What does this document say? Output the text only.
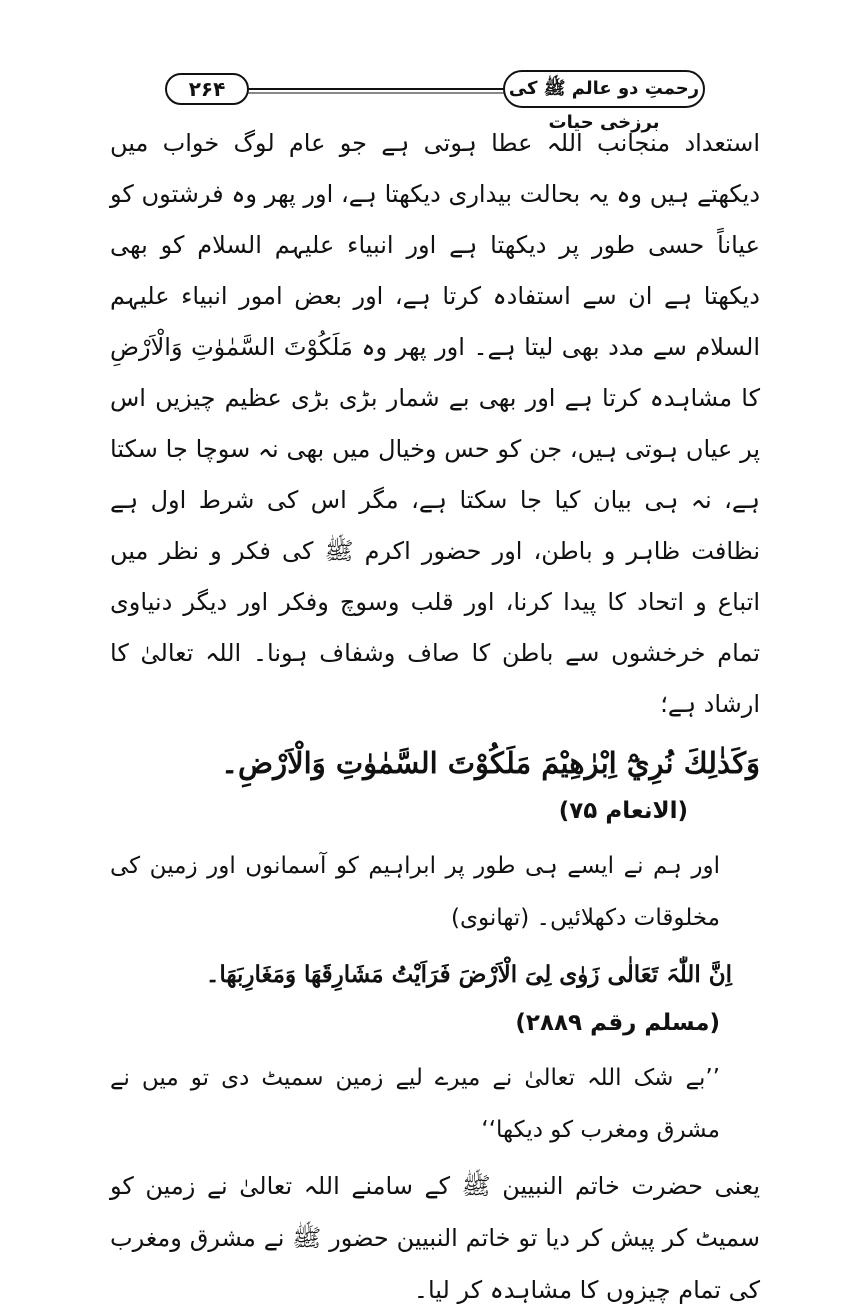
۲۶۴	رحمتِ دو عالم ﷺ کی برزخی حیات

استعداد منجانب اللہ عطا ہوتی ہے جو عام لوگ خواب میں دیکھتے ہیں وہ یہ بحالت بیداری دیکھتا ہے، اور پھر وہ فرشتوں کو عیاناً حسی طور پر دیکھتا ہے اور انبیاء علیہم السلام کو بھی دیکھتا ہے ان سے استفادہ کرتا ہے، اور بعض امور انبیاء علیہم السلام سے مدد بھی لیتا ہے۔ اور پھر وہ مَلَكُوْتَ السَّمٰوٰتِ وَالْاَرْضِ کا مشاہدہ کرتا ہے اور بھی بے شمار بڑی بڑی عظیم چیزیں اس پر عیاں ہوتی ہیں، جن کو حس وخیال میں بھی نہ سوچا جا سکتا ہے، نہ ہی بیان کیا جا سکتا ہے، مگر اس کی شرط اول ہے نظافت ظاہر و باطن، اور حضور اکرم ﷺ کی فکر و نظر میں اتباع و اتحاد کا پیدا کرنا، اور قلب وسوچ وفکر اور دیگر دنیاوی تمام خرخشوں سے باطن کا صاف وشفاف ہونا۔ اللہ تعالیٰ کا ارشاد ہے؛

وَكَذٰلِكَ نُرِيْٓ اِبْرٰهِيْمَ مَلَكُوْتَ السَّمٰوٰتِ وَالْاَرْضِ۔

(الانعام ۷۵)

اور ہم نے ایسے ہی طور پر ابراہیم کو آسمانوں اور زمین کی مخلوقات دکھلائیں۔ (تھانوی)

اِنَّ اللّٰہَ تَعَالٰی زَوٰی لِیَ الْاَرْضَ فَرَاَیْتُ مَشَارِقَهَا وَمَغَارِبَهَا۔

(مسلم رقم ۲۸۸۹)

’’بے شک اللہ تعالیٰ نے میرے لیے زمین سمیٹ دی تو میں نے مشرق ومغرب کو دیکھا‘‘

یعنی حضرت خاتم النبیین ﷺ کے سامنے اللہ تعالیٰ نے زمین کو سمیٹ کر پیش کر دیا تو خاتم النبیین حضور ﷺ نے مشرق ومغرب کی تمام چیزوں کا مشاہدہ کر لیا۔
